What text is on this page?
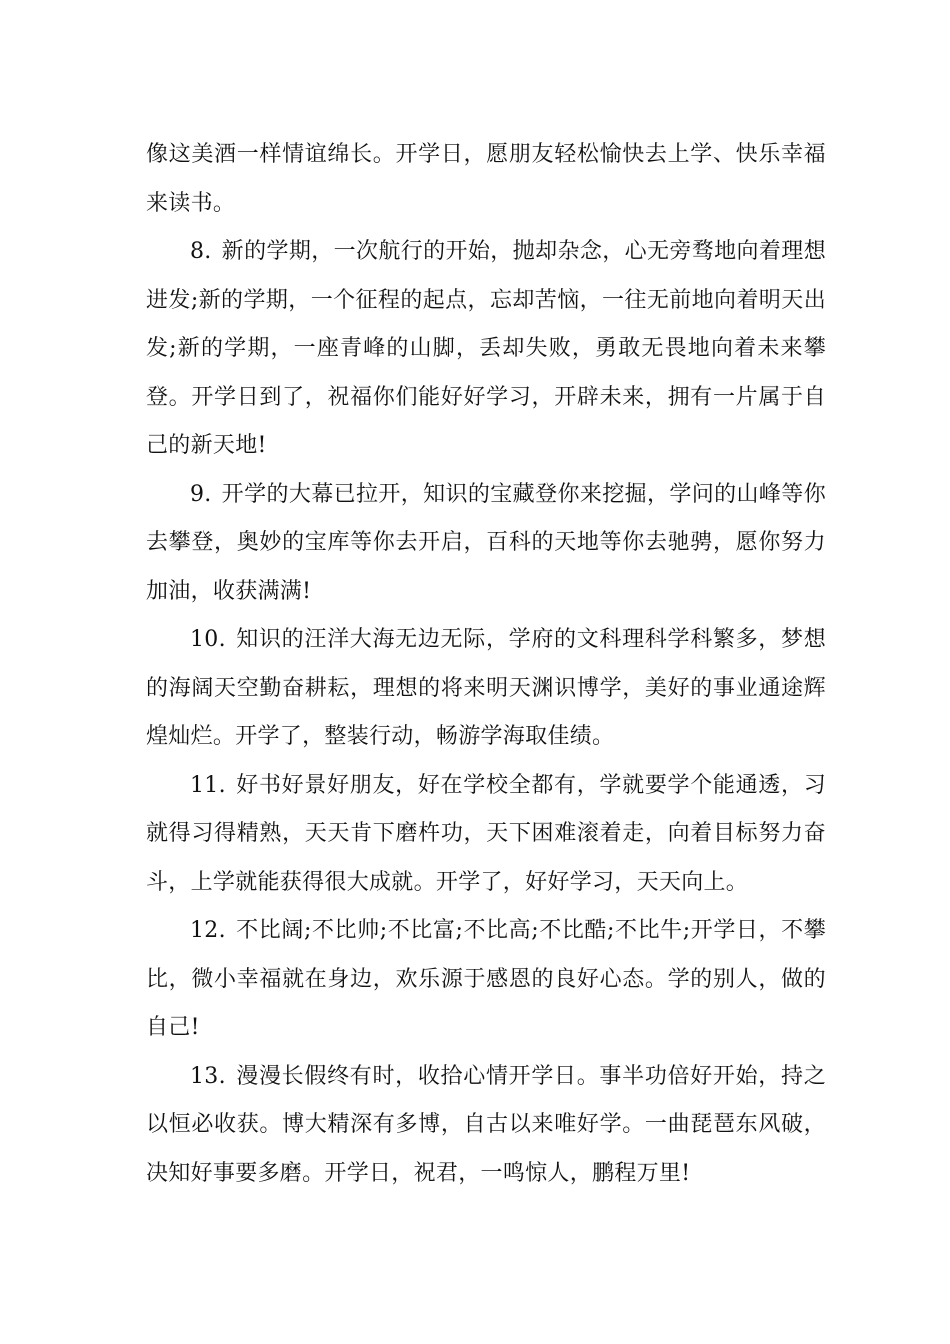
像这美酒一样情谊绵长。开学日，愿朋友轻松愉快去上学、快乐幸福来读书。

8. 新的学期，一次航行的开始，抛却杂念，心无旁骛地向着理想进发;新的学期，一个征程的起点，忘却苦恼，一往无前地向着明天出发;新的学期，一座青峰的山脚，丢却失败，勇敢无畏地向着未来攀登。开学日到了，祝福你们能好好学习，开辟未来，拥有一片属于自己的新天地!

9. 开学的大幕已拉开，知识的宝藏登你来挖掘，学问的山峰等你去攀登，奥妙的宝库等你去开启，百科的天地等你去驰骋，愿你努力加油，收获满满!

10. 知识的汪洋大海无边无际，学府的文科理科学科繁多，梦想的海阔天空勤奋耕耘，理想的将来明天渊识博学，美好的事业通途辉煌灿烂。开学了，整装行动，畅游学海取佳绩。

11. 好书好景好朋友，好在学校全都有，学就要学个能通透，习就得习得精熟，天天肯下磨杵功，天下困难滚着走，向着目标努力奋斗，上学就能获得很大成就。开学了，好好学习，天天向上。

12. 不比阔;不比帅;不比富;不比高;不比酷;不比牛;开学日，不攀比，微小幸福就在身边，欢乐源于感恩的良好心态。学的别人，做的自己!

13. 漫漫长假终有时，收拾心情开学日。事半功倍好开始，持之以恒必收获。博大精深有多博，自古以来唯好学。一曲琵琶东风破，决知好事要多磨。开学日，祝君，一鸣惊人，鹏程万里!
